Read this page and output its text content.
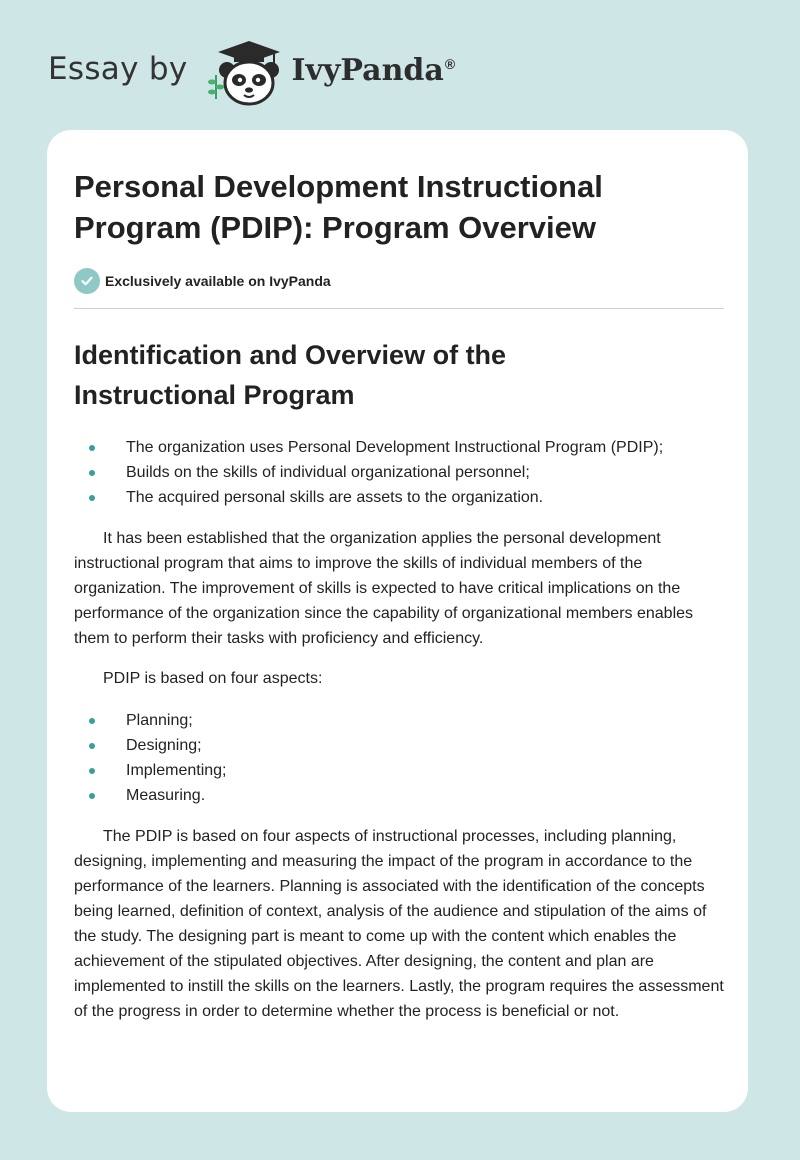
Essay by	IvyPanda®
Personal Development Instructional
Program (PDIP): Program Overview
Exclusively available on IvyPanda
Identification and Overview of the
Instructional Program
The organization uses Personal Development Instructional Program (PDIP);
Builds on the skills of individual organizational personnel;
The acquired personal skills are assets to the organization.

It has been established that the organization applies the personal development instructional program that aims to improve the skills of individual members of the organization. The improvement of skills is expected to have critical implications on the performance of the organization since the capability of organizational members enables them to perform their tasks with proficiency and efficiency.

PDIP is based on four aspects:

Planning;
Designing;
Implementing;
Measuring.

The PDIP is based on four aspects of instructional processes, including planning, designing, implementing and measuring the impact of the program in accordance to the performance of the learners. Planning is associated with the identification of the concepts being learned, definition of context, analysis of the audience and stipulation of the aims of the study. The designing part is meant to come up with the content which enables the achievement of the stipulated objectives. After designing, the content and plan are implemented to instill the skills on the learners. Lastly, the program requires the assessment of the progress in order to determine whether the process is beneficial or not.
